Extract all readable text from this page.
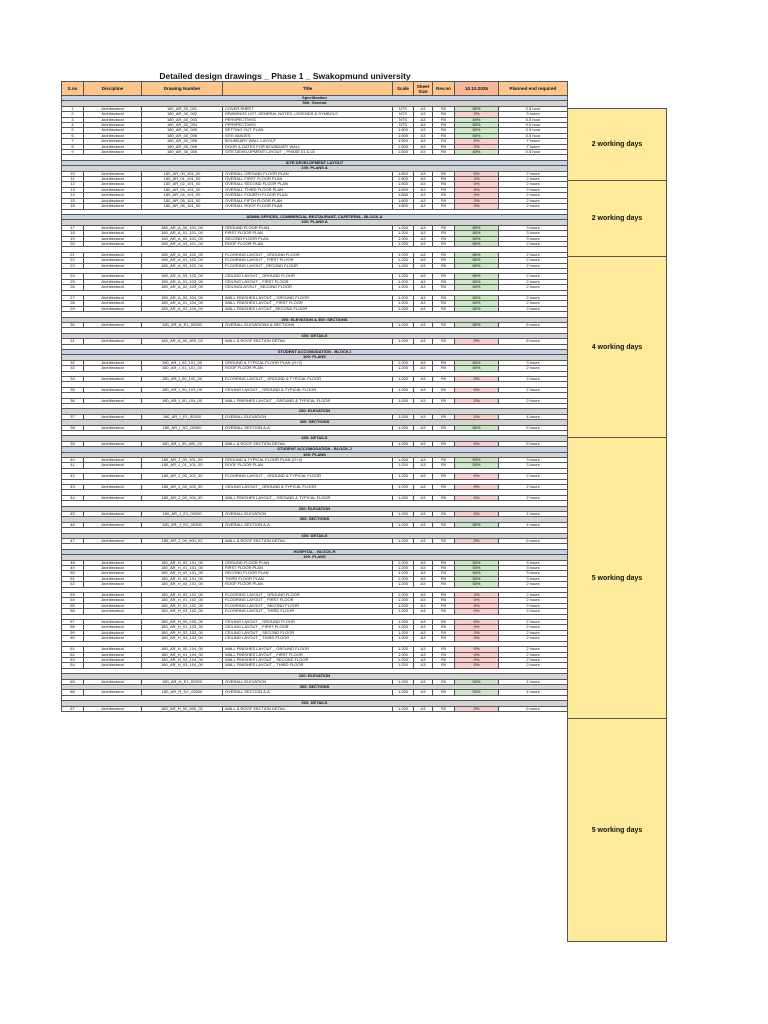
Detailed design drawings _ Phase 1 _ Swakopmund university
S.no	Discipline	Drawing Number	Title	Scale	Sheet Size	Rev.no	10.10.2025	Planned end required
Specification								
500: General								
1	Architectural	180_AR_00_001	COVER SHEET	NTS	A3	R0	80%	0.5 hour
2	Architectural	180_AR_00_002	DRAWINGS LIST, GENERAL NOTES, LEGENDS & SYMBOLS	NTS	A3	R0	0%	3 hours
3	Architectural	180_AR_00_003	PERSPECTIVES	NTS	A3	R0	80%	0.5 hour
4	Architectural	180_AR_00_004	PERSPECTIVES	NTS	A3	R0	80%	0.5 hour
5	Architectural	180_AR_00_005	SETTING OUT PLAN	1:800	A3	R0	80%	0.5 hour
6	Architectural	180_AR_00_006	SITE IMAGES	1:500	A3	R0	80%	0.5 hour
7	Architectural	180_AR_00_005	BOUNDARY WALL LAYOUT	1:500	A3	R0	0%	7 hours
8	Architectural	180_AR_00_006	DOOR & GATES FOR BOUNDARY WALL	1:500	A3	R0	0%	7 hours
9	Architectural	180_AR_00_005	SITE DEVELOPMENT LAYOUT _ PHASE 01 & 02	1:500	A3	R0	80%	0.5 hour

SITE DEVELOPMENT LAYOUT								
100: PLANS A								
10	Architectural	180_AR_00_101_00	OVERALL GROUND FLOOR PLAN	1:800	A3	R0	0%	2 hours
11	Architectural	180_AR_01_101_00	OVERALL FIRST FLOOR PLAN	1:800	A3	R0	0%	2 hours
12	Architectural	180_AR_02_101_00	OVERALL SECOND FLOOR PLAN	1:800	A3	R0	0%	2 hours
13	Architectural	180_AR_03_101_00	OVERALL THIRD FLOOR PLAN	1:800	A3	R0	0%	2 hours
14	Architectural	180_AR_04_101_00	OVERALL FOURTH FLOOR PLAN	1:800	A3	R0	0%	2 hours
15	Architectural	180_AR_05_101_00	OVERALL FIFTH FLOOR PLAN	1:800	A3	R0	0%	2 hours
16	Architectural	180_AR_06_101_00	OVERALL ROOF FLOOR PLAN	1:800	A3	R0	0%	2 hours

ADMIN OFFICES, COMMERCIAL RESTAURANT, CAFETERIA - BLOCK-A								
100: PLANS A								
17	Architectural	180_AR_A_00_101_00	GROUND FLOOR PLAN	1:200	A3	R0	80%	3 hours
18	Architectural	180_AR_A_01_101_00	FIRST FLOOR PLAN	1:200	A3	R0	80%	3 hours
19	Architectural	180_AR_A_02_101_00	SECOND FLOOR PLAN	1:200	A3	R0	80%	3 hours
20	Architectural	180_AR_A_03_101_00	ROOF FLOOR PLAN	1:200	A3	R0	80%	2 hours

21	Architectural	180_AR_A_00_102_00	FLOORING LAYOUT _ GROUND FLOOR	1:200	A3	R0	80%	2 hours
22	Architectural	180_AR_A_01_102_00	FLOORING LAYOUT _ FIRST FLOOR	1:200	A3	R0	80%	2 hours
23	Architectural	180_AR_A_02_102_00	FLOORING LAYOUT _SECOND FLOOR	1:200	A3	R0	80%	2 hours

24	Architectural	180_AR_A_00_103_00	CEILING LAYOUT _ GROUND FLOOR	1:200	A3	R0	80%	2 hours
25	Architectural	180_AR_A_01_103_00	CEILING LAYOUT _ FIRST FLOOR	1:200	A3	R0	80%	2 hours
26	Architectural	180_AR_A_02_103_00	CEILINGLAYOUT _SECOND FLOOR	1:200	A3	R0	80%	2 hours

27	Architectural	180_AR_A_00_104_00	WALL FINISHES LAYOUT _ GROUND FLOOR	1:200	A3	R0	80%	2 hours
28	Architectural	180_AR_A_01_104_00	WALL FINISHES LAYOUT _ FIRST FLOOR	1:200	A3	R0	80%	2 hours
29	Architectural	180_AR_A_02_104_00	WALL FINISHES LAYOUT _SECOND FLOOR	1:200	A3	R0	80%	2 hours

200: ELEVATION & 300: SECTIONS								
30	Architectural	180_AR_A_E1_00200	OVERALL ELEVATIONS & SECTIONS	1:200	A3	R0	80%	8 hours

600: DETAILS								
31	Architectural	180_AR_A_00_600_02	WALL & ROOF SECTION DETAIL	1:200	A3	R0	0%	8 hours

STUDENT ACCOMODATION - BLOCK-I								
100: PLANS								
32	Architectural	180_AR_I_00_101_00	GROUND & TYPICAL FLOOR PLAN (G+2)	1:200	A3	R0	80%	3 hours
33	Architectural	180_AR_I_01_101_00	ROOF FLOOR PLAN	1:200	A3	R0	80%	2 hours

34	Architectural	180_AR_I_00_102_00	FLOORING LAYOUT _ GROUND & TYPICAL FLOOR	1:200	A3	R0	0%	2 hours

35	Architectural	180_AR_I_00_103_00	CEILING LAYOUT _ GROUND & TYPICAL FLOOR	1:200	A3	R0	0%	2 hours

36	Architectural	180_AR_I_00_104_00	WALL FINISHES LAYOUT _ GROUND & TYPICAL FLOOR	1:200	A3	R0	0%	2 hours

200: ELEVATION								
37	Architectural	180_AR_I_E1_00200	OVERALL ELEVATION	1:200	A3	R0	0%	4 hours
300: SECTIONS								
38	Architectural	180_AR_I_SC_00300	OVERALL SECTION A-A'	1:200	A3	R0	80%	6 hours

600: DETAILS								
39	Architectural	180_AR_I_00_600_02	WALL & ROOF SECTION DETAIL	1:200	A3	R0	0%	6 hours
STUDENT ACCOMODATION - BLOCK-J								
100: PLANS								
40	Architectural	180_AR_J_00_101_00	GROUND & TYPICAL FLOOR PLAN (G+2)	1:200	A3	R0	50%	3 hours
41	Architectural	180_AR_J_01_101_00	ROOF FLOOR PLAN	1:200	A3	R0	50%	3 hours

42	Architectural	180_AR_J_00_102_00	FLOORING LAYOUT _ GROUND & TYPICAL FLOOR	1:200	A3	R0	0%	2 hours

43	Architectural	180_AR_J_00_103_00	CEILING LAYOUT _ GROUND & TYPICAL FLOOR	1:200	A3	R0	0%	2 hours

44	Architectural	180_AR_J_00_104_00	WALL FINISHES LAYOUT _ GROUND & TYPICAL FLOOR	1:200	A3	R0	0%	2 hours

200: ELEVATION								
45	Architectural	180_AR_J_E1_00200	OVERALL ELEVATION	1:200	A3	R0	0%	4 hours
300: SECTIONS								
46	Architectural	180_AR_J_SC_00300	OVERALL SECTION A-A'	1:200	A3	R0	80%	4 hours

600: DETAILS								
47	Architectural	180_AR_J_00_600_02	WALL & ROOF SECTION DETAIL	1:200	A3	R0	0%	6 hours

HOSPITAL - BLOCK-H								
100: PLANS								
48	Architectural	180_AR_H_00_101_00	GROUND FLOOR PLAN	1:200	A3	R0	50%	3 hours
49	Architectural	180_AR_H_01_101_00	FIRST FLOOR PLAN	1:200	A3	R0	50%	3 hours
50	Architectural	180_AR_H_02_101_00	SECOND FLOOR PLAN	1:200	A3	R0	50%	3 hours
51	Architectural	180_AR_H_03_101_00	THIRD FLOOR PLAN	1:200	A3	R0	50%	3 hours
52	Architectural	180_AR_H_04_101_00	ROOF FLOOR PLAN	1:200	A3	R0	50%	2 hours

53	Architectural	180_AR_H_00_102_00	FLOORING LAYOUT _ GROUND FLOOR	1:200	A3	R0	0%	2 hours
54	Architectural	180_AR_H_01_102_00	FLOORING LAYOUT _ FIRST FLOOR	1:200	A3	R0	0%	2 hours
55	Architectural	180_AR_H_02_102_00	FLOORING LAYOUT _ SECOND FLOOR	1:200	A3	R0	0%	2 hours
56	Architectural	180_AR_H_03_102_00	FLOORING LAYOUT _ THIRD FLOOR	1:200	A3	R0	0%	2 hours

57	Architectural	180_AR_H_00_103_00	CEILING LAYOUT _ GROUND FLOOR	1:200	A3	R0	0%	2 hours
58	Architectural	180_AR_H_01_103_00	CEILING LAYOUT _ FIRST FLOOR	1:200	A3	R0	0%	2 hours
59	Architectural	180_AR_H_02_103_00	CEILING LAYOUT _ SECOND FLOOR	1:200	A3	R0	0%	2 hours
60	Architectural	180_AR_H_03_103_00	CEILING LAYOUT _ THIRD FLOOR	1:200	A3	R0	0%	2 hours

61	Architectural	180_AR_H_00_104_00	WALL FINISHES LAYOUT _ GROUND FLOOR	1:200	A3	R0	0%	2 hours
62	Architectural	180_AR_H_01_104_00	WALL FINISHES LAYOUT _ FIRST FLOOR	1:200	A3	R0	0%	2 hours
63	Architectural	180_AR_H_02_104_00	WALL FINISHES LAYOUT _ SECOND FLOOR	1:200	A3	R0	0%	2 hours
64	Architectural	180_AR_H_03_104_00	WALL FINISHES LAYOUT _ THIRD FLOOR	1:200	A3	R0	0%	2 hours

200: ELEVATION								
65	Architectural	180_AR_H_E1_00200	OVERALL ELEVATION	1:200	A3	R0	50%	4 hours
300: SECTIONS								
66	Architectural	180_AR_H_SC_00300	OVERALL SECTION A-A'	1:200	A3	R0	50%	4 hours

600: DETAILS								
67	Architectural	180_AR_H_00_600_02	WALL & ROOF SECTION DETAIL	1:200	A3	R0	0%	6 hours
2 working days
2 working days
4 working days
5 working days
5 working days
